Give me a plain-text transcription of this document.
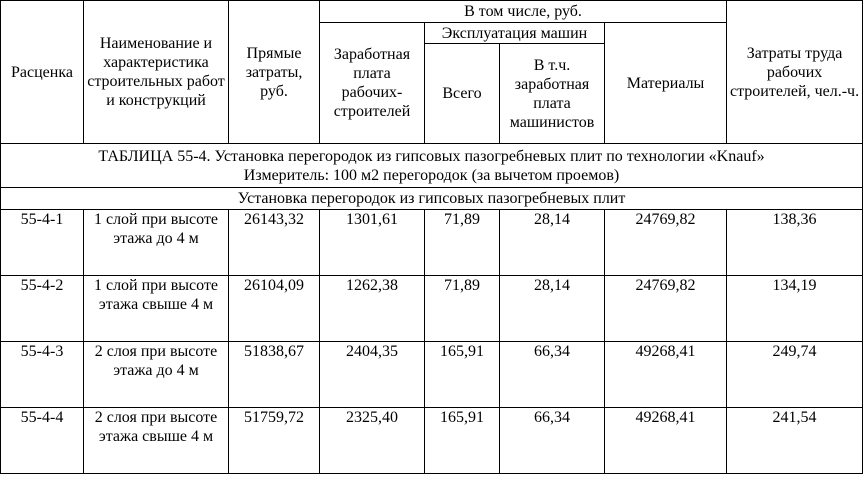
Расценка	Наименование и характеристика строительных работ и конструкций	Прямые затраты, руб.	В том числе, руб.				Затраты труда рабочих строителей, чел.-ч.
			Заработная плата рабочих-строителей	Эксплуатация машин		Материалы	
				Всего	В т.ч. заработная плата машинистов		

ТАБЛИЦА 55-4. Установка перегородок из гипсовых пазогребневых плит по технологии «Knauf»
Измеритель: 100 м2 перегородок (за вычетом проемов)							

Установка перегородок из гипсовых пазогребневых плит							
55-4-1	1 слой при высоте этажа до 4 м	26143,32	1301,61	71,89	28,14	24769,82	138,36
55-4-2	1 слой при высоте этажа свыше 4 м	26104,09	1262,38	71,89	28,14	24769,82	134,19
55-4-3	2 слоя при высоте этажа до 4 м	51838,67	2404,35	165,91	66,34	49268,41	249,74
55-4-4	2 слоя при высоте этажа свыше 4 м	51759,72	2325,40	165,91	66,34	49268,41	241,54
